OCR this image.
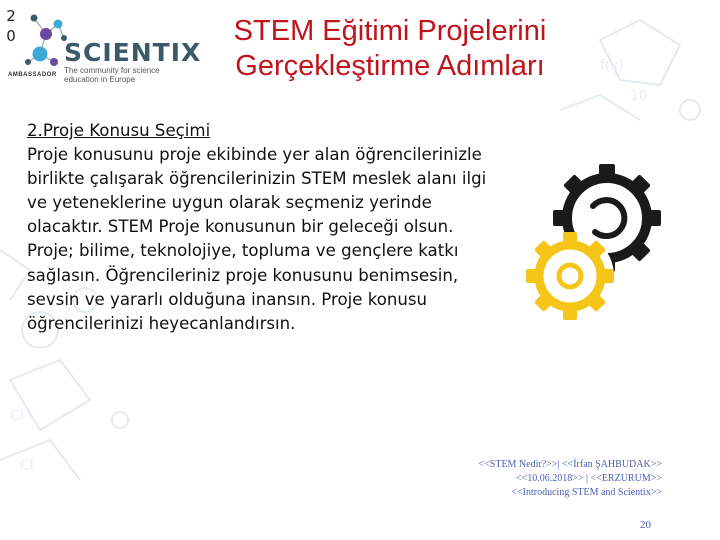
Cl
Cl
f(x)
10
2
0
SCIENTIX
The community for science education in Europe
AMBASSADOR
STEM Eğitimi Projelerini
Gerçekleştirme Adımları
2.Proje Konusu Seçimi
Proje konusunu proje ekibinde yer alan öğrencilerinizle birlikte çalışarak öğrencilerinizin STEM meslek alanı ilgi ve yeteneklerine uygun olarak seçmeniz yerinde olacaktır. STEM Proje konusunun bir geleceği olsun. Proje; bilime, teknolojiye, topluma ve gençlere katkı sağlasın. Öğrencileriniz proje konusunu benimsesin, sevsin ve yararlı olduğuna inansın. Proje konusu öğrencilerinizi heyecanlandırsın.
<<STEM Nedir?>>| <<İrfan ŞAHBUDAK>>
<<10.06.2018>> | <<ERZURUM>>
<<Introducing STEM and Scientix>>
20
